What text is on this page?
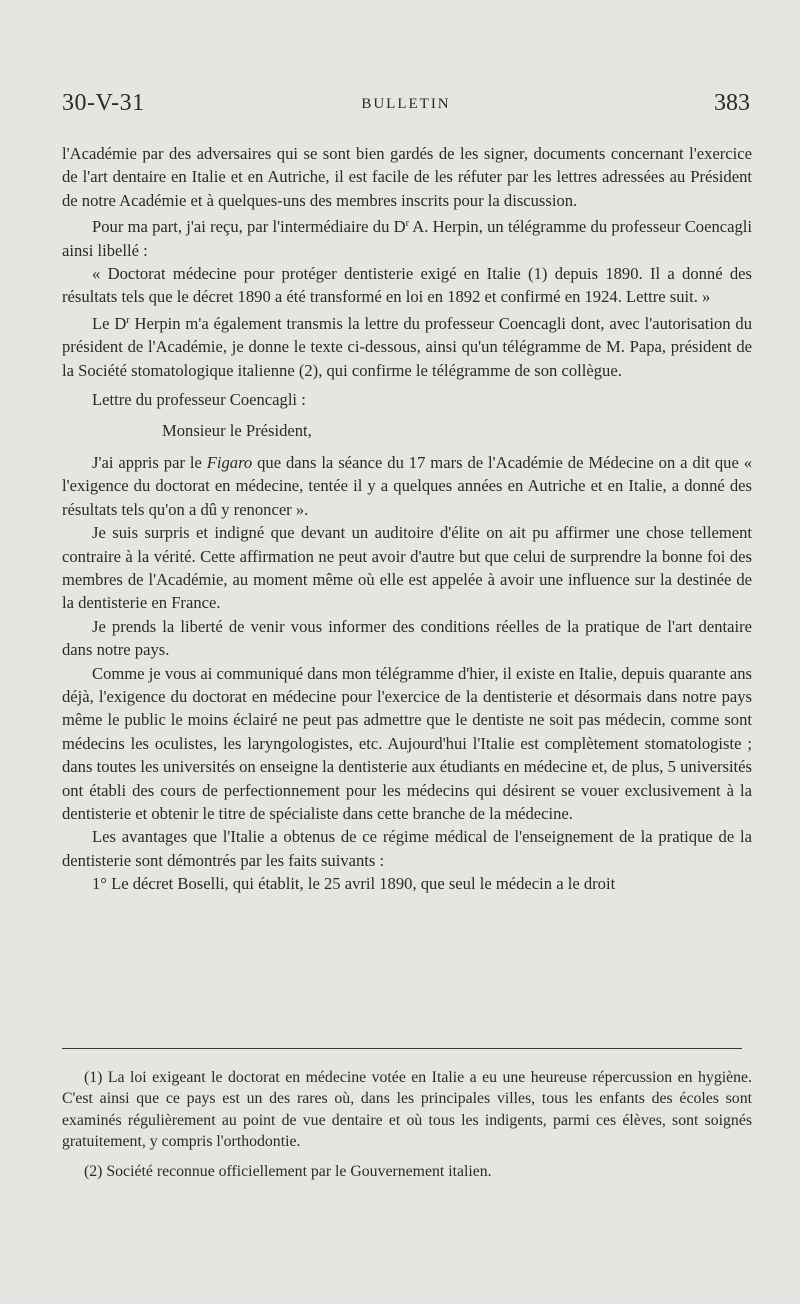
30-V-31	BULLETIN	383

l'Académie par des adversaires qui se sont bien gardés de les signer, documents concernant l'exercice de l'art dentaire en Italie et en Autriche, il est facile de les réfuter par les lettres adressées au Président de notre Académie et à quelques-uns des membres inscrits pour la discussion.

Pour ma part, j'ai reçu, par l'intermédiaire du $D^r$ A. Herpin, un télégramme du professeur Coencagli ainsi libellé :

« Doctorat médecine pour protéger dentisterie exigé en Italie (1) depuis 1890. Il a donné des résultats tels que le décret 1890 a été transformé en loi en 1892 et confirmé en 1924. Lettre suit. »

Le $D^r$ Herpin m'a également transmis la lettre du professeur Coencagli dont, avec l'autorisation du président de l'Académie, je donne le texte ci-dessous, ainsi qu'un télégramme de M. Papa, président de la Société stomatologique italienne (2), qui confirme le télégramme de son collègue.

Lettre du professeur Coencagli :

Monsieur le Président,

J'ai appris par le Figaro que dans la séance du 17 mars de l'Académie de Médecine on a dit que « l'exigence du doctorat en médecine, tentée il y a quelques années en Autriche et en Italie, a donné des résultats tels qu'on a dû y renoncer ».

Je suis surpris et indigné que devant un auditoire d'élite on ait pu affirmer une chose tellement contraire à la vérité. Cette affirmation ne peut avoir d'autre but que celui de surprendre la bonne foi des membres de l'Académie, au moment même où elle est appelée à avoir une influence sur la destinée de la dentisterie en France.

Je prends la liberté de venir vous informer des conditions réelles de la pratique de l'art dentaire dans notre pays.

Comme je vous ai communiqué dans mon télégramme d'hier, il existe en Italie, depuis quarante ans déjà, l'exigence du doctorat en médecine pour l'exercice de la dentisterie et désormais dans notre pays même le public le moins éclairé ne peut pas admettre que le dentiste ne soit pas médecin, comme sont médecins les oculistes, les laryngologistes, etc. Aujourd'hui l'Italie est complètement stomatologiste ; dans toutes les universités on enseigne la dentisterie aux étudiants en médecine et, de plus, 5 universités ont établi des cours de perfectionnement pour les médecins qui désirent se vouer exclusivement à la dentisterie et obtenir le titre de spécialiste dans cette branche de la médecine.

Les avantages que l'Italie a obtenus de ce régime médical de l'enseignement de la pratique de la dentisterie sont démontrés par les faits suivants :

1° Le décret Boselli, qui établit, le 25 avril 1890, que seul le médecin a le droit

(1) La loi exigeant le doctorat en médecine votée en Italie a eu une heureuse répercussion en hygiène. C'est ainsi que ce pays est un des rares où, dans les principales villes, tous les enfants des écoles sont examinés régulièrement au point de vue dentaire et où tous les indigents, parmi ces élèves, sont soignés gratuitement, y compris l'orthodontie.

(2) Société reconnue officiellement par le Gouvernement italien.
